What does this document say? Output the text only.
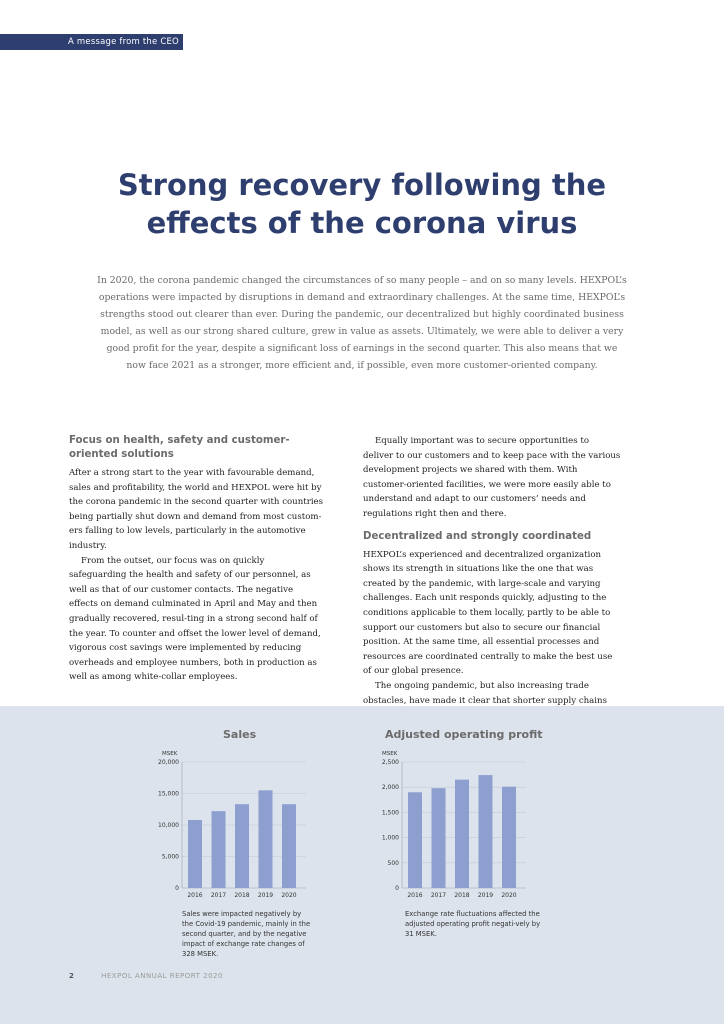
A message from the CEO
Strong recovery following the
effects of the corona virus

In 2020, the corona pandemic changed the circumstances of so many people – and on so many levels. HEXPOL’s operations were impacted by disruptions in demand and extraordinary challenges. At the same time, HEXPOL’s strengths stood out clearer than ever. During the pandemic, our decentralized but highly coordinated business model, as well as our strong shared culture, grew in value as assets. Ultimately, we were able to deliver a very good profit for the year, despite a significant loss of earnings in the second quarter. This also means that we now face 2021 as a stronger, more efficient and, if possible, even more customer-oriented company.

Focus on health, safety and customer-oriented solutions

After a strong start to the year with favourable demand, sales and profitability, the world and HEXPOL were hit by the corona pandemic in the second quarter with countries being partially shut down and demand from most customers falling to low levels, particularly in the automotive industry.

From the outset, our focus was on quickly safeguarding the health and safety of our personnel, as well as that of our customer contacts. The negative effects on demand culminated in April and May and then gradually recovered, resul-ting in a strong second half of the year. To counter and offset the lower level of demand, vigorous cost savings were implemented by reducing overheads and employee numbers, both in production as well as among white-collar employees.

Equally important was to secure opportunities to deliver to our customers and to keep pace with the various development projects we shared with them. With customer-oriented facilities, we were more easily able to understand and adapt to our customers’ needs and regulations right then and there.

Decentralized and strongly coordinated

HEXPOL’s experienced and decentralized organization shows its strength in situations like the one that was created by the pandemic, with large-scale and varying challenges. Each unit responds quickly, adjusting to the conditions applicable to them locally, partly to be able to support our customers but also to secure our financial position. At the same time, all essential processes and resources are coordinated centrally to make the best use of our global presence.

The ongoing pandemic, but also increasing trade obstacles, have made it clear that shorter supply chains

Sales
MSEK
0
5,000
10,000
15,000
20,000
2016 2017 2018 2019 2020
Sales were impacted negatively by the Covid-19 pandemic, mainly in the second quarter, and by the negative impact of exchange rate changes of 328 MSEK.
Adjusted operating profit
MSEK
0
500
1,000
1,500
2,000
2,500
2016 2017 2018 2019 2020
Exchange rate fluctuations affected the adjusted operating profit negati-vely by 31 MSEK.
2	HEXPOL ANNUAL REPORT 2020
